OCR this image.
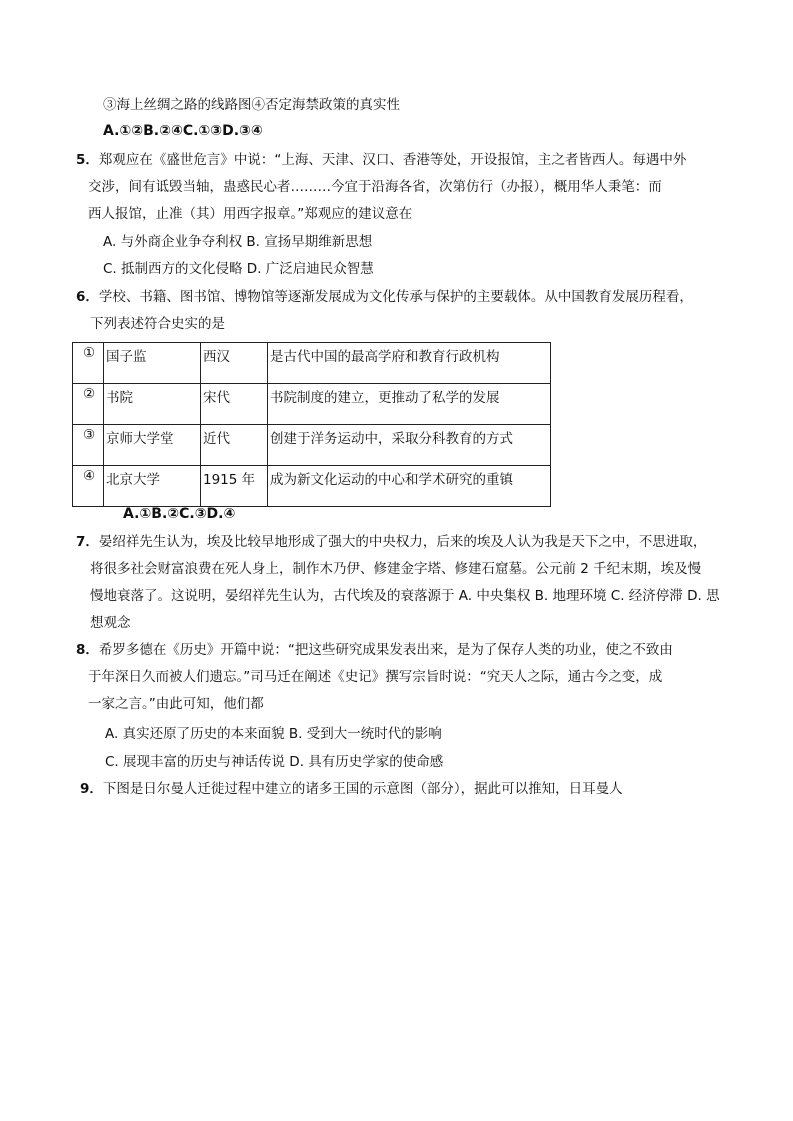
③海上丝绸之路的线路图④否定海禁政策的真实性
A.①②B.②④C.①③D.③④
5．郑观应在《盛世危言》中说：“上海、天津、汉口、香港等处，开设报馆，主之者皆西人。每遇中外
交涉，间有诋毁当轴，蛊惑民心者………今宜于沿海各省，次第仿行（办报），概用华人秉笔：而
西人报馆，止准（其）用西字报章。”郑观应的建议意在
A. 与外商企业争夺利权 B. 宣扬早期维新思想
C. 抵制西方的文化侵略 D. 广泛启迪民众智慧
6．学校、书籍、图书馆、博物馆等逐渐发展成为文化传承与保护的主要载体。从中国教育发展历程看，
下列表述符合史实的是
①	国子监	西汉	是古代中国的最高学府和教育行政机构
②	书院	宋代	书院制度的建立，更推动了私学的发展
③	京师大学堂	近代	创建于洋务运动中，采取分科教育的方式
④	北京大学	1915 年	成为新文化运动的中心和学术研究的重镇
A.①B.②C.③D.④
7．晏绍祥先生认为，埃及比较早地形成了强大的中央权力，后来的埃及人认为我是天下之中，不思进取，
将很多社会财富浪费在死人身上，制作木乃伊、修建金字塔、修建石窟墓。公元前 2 千纪末期，埃及慢
慢地衰落了。这说明，晏绍祥先生认为，古代埃及的衰落源于 A. 中央集权 B. 地理环境 C. 经济停滞 D. 思
想观念
8．希罗多德在《历史》开篇中说：“把这些研究成果发表出来，是为了保存人类的功业，使之不致由
于年深日久而被人们遗忘。”司马迁在阐述《史记》撰写宗旨时说：“究天人之际，通古今之变，成
一家之言。”由此可知，他们都
A. 真实还原了历史的本来面貌 B. 受到大一统时代的影响
C. 展现丰富的历史与神话传说 D. 具有历史学家的使命感
9．下图是日尔曼人迁徙过程中建立的诸多王国的示意图（部分），据此可以推知，日耳曼人
